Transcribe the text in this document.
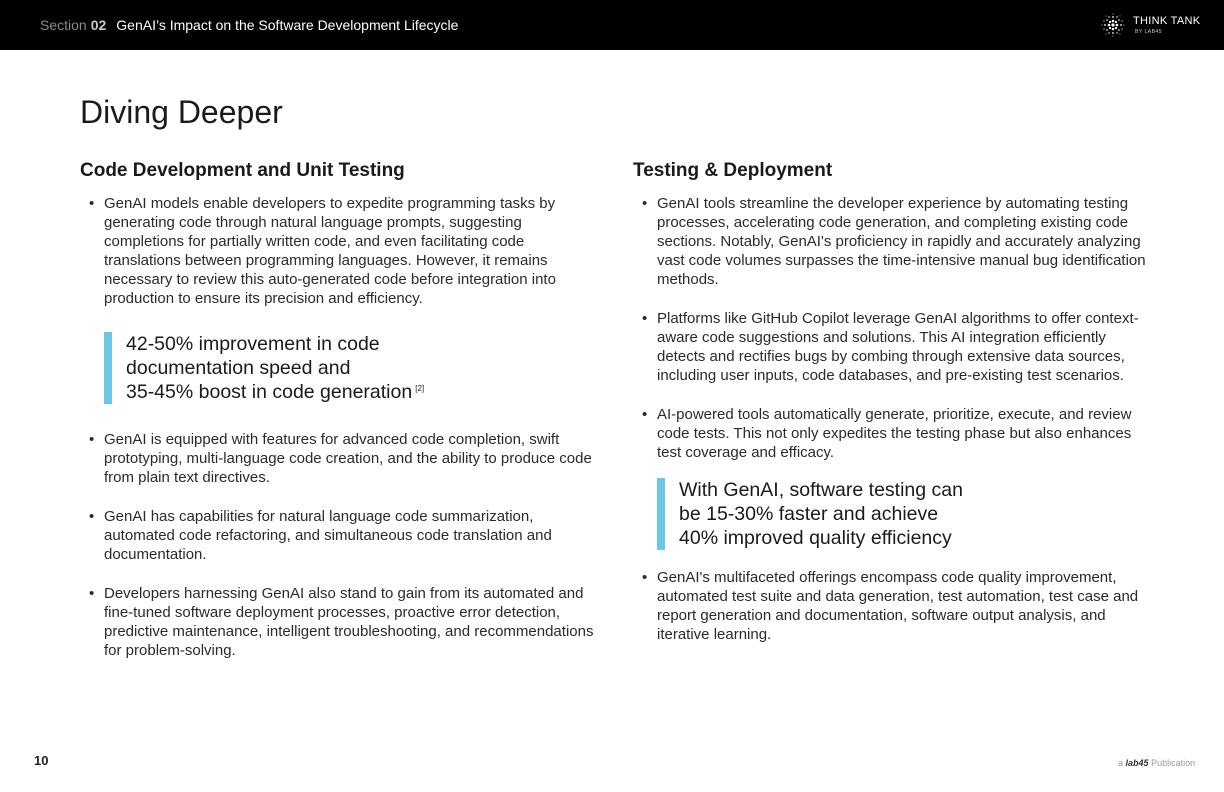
Section 02 GenAI’s Impact on the Software Development Lifecycle	THINK TANK
BY LAB45
Diving Deeper
Code Development and Unit Testing
• GenAI models enable developers to expedite programming tasks by generating code through natural language prompts, suggesting completions for partially written code, and even facilitating code translations between programming languages. However, it remains necessary to review this auto-generated code before integration into production to ensure its precision and efficiency.
42-50% improvement in code
documentation speed and
35-45% boost in code generation [2]
• GenAI is equipped with features for advanced code completion, swift prototyping, multi-language code creation, and the ability to produce code from plain text directives.
• GenAI has capabilities for natural language code summarization, automated code refactoring, and simultaneous code translation and documentation.
• Developers harnessing GenAI also stand to gain from its automated and fine-tuned software deployment processes, proactive error detection, predictive maintenance, intelligent troubleshooting, and recommendations for problem-solving.
Testing & Deployment
• GenAI tools streamline the developer experience by automating testing processes, accelerating code generation, and completing existing code sections. Notably, GenAI's proficiency in rapidly and accurately analyzing vast code volumes surpasses the time-intensive manual bug identification methods.
• Platforms like GitHub Copilot leverage GenAI algorithms to offer context-aware code suggestions and solutions. This AI integration efficiently detects and rectifies bugs by combing through extensive data sources, including user inputs, code databases, and pre-existing test scenarios.
• AI-powered tools automatically generate, prioritize, execute, and review code tests. This not only expedites the testing phase but also enhances test coverage and efficacy.
With GenAI, software testing can
be 15-30% faster and achieve
40% improved quality efficiency
• GenAI's multifaceted offerings encompass code quality improvement, automated test suite and data generation, test automation, test case and report generation and documentation, software output analysis, and iterative learning.
10	a lab45 Publication
